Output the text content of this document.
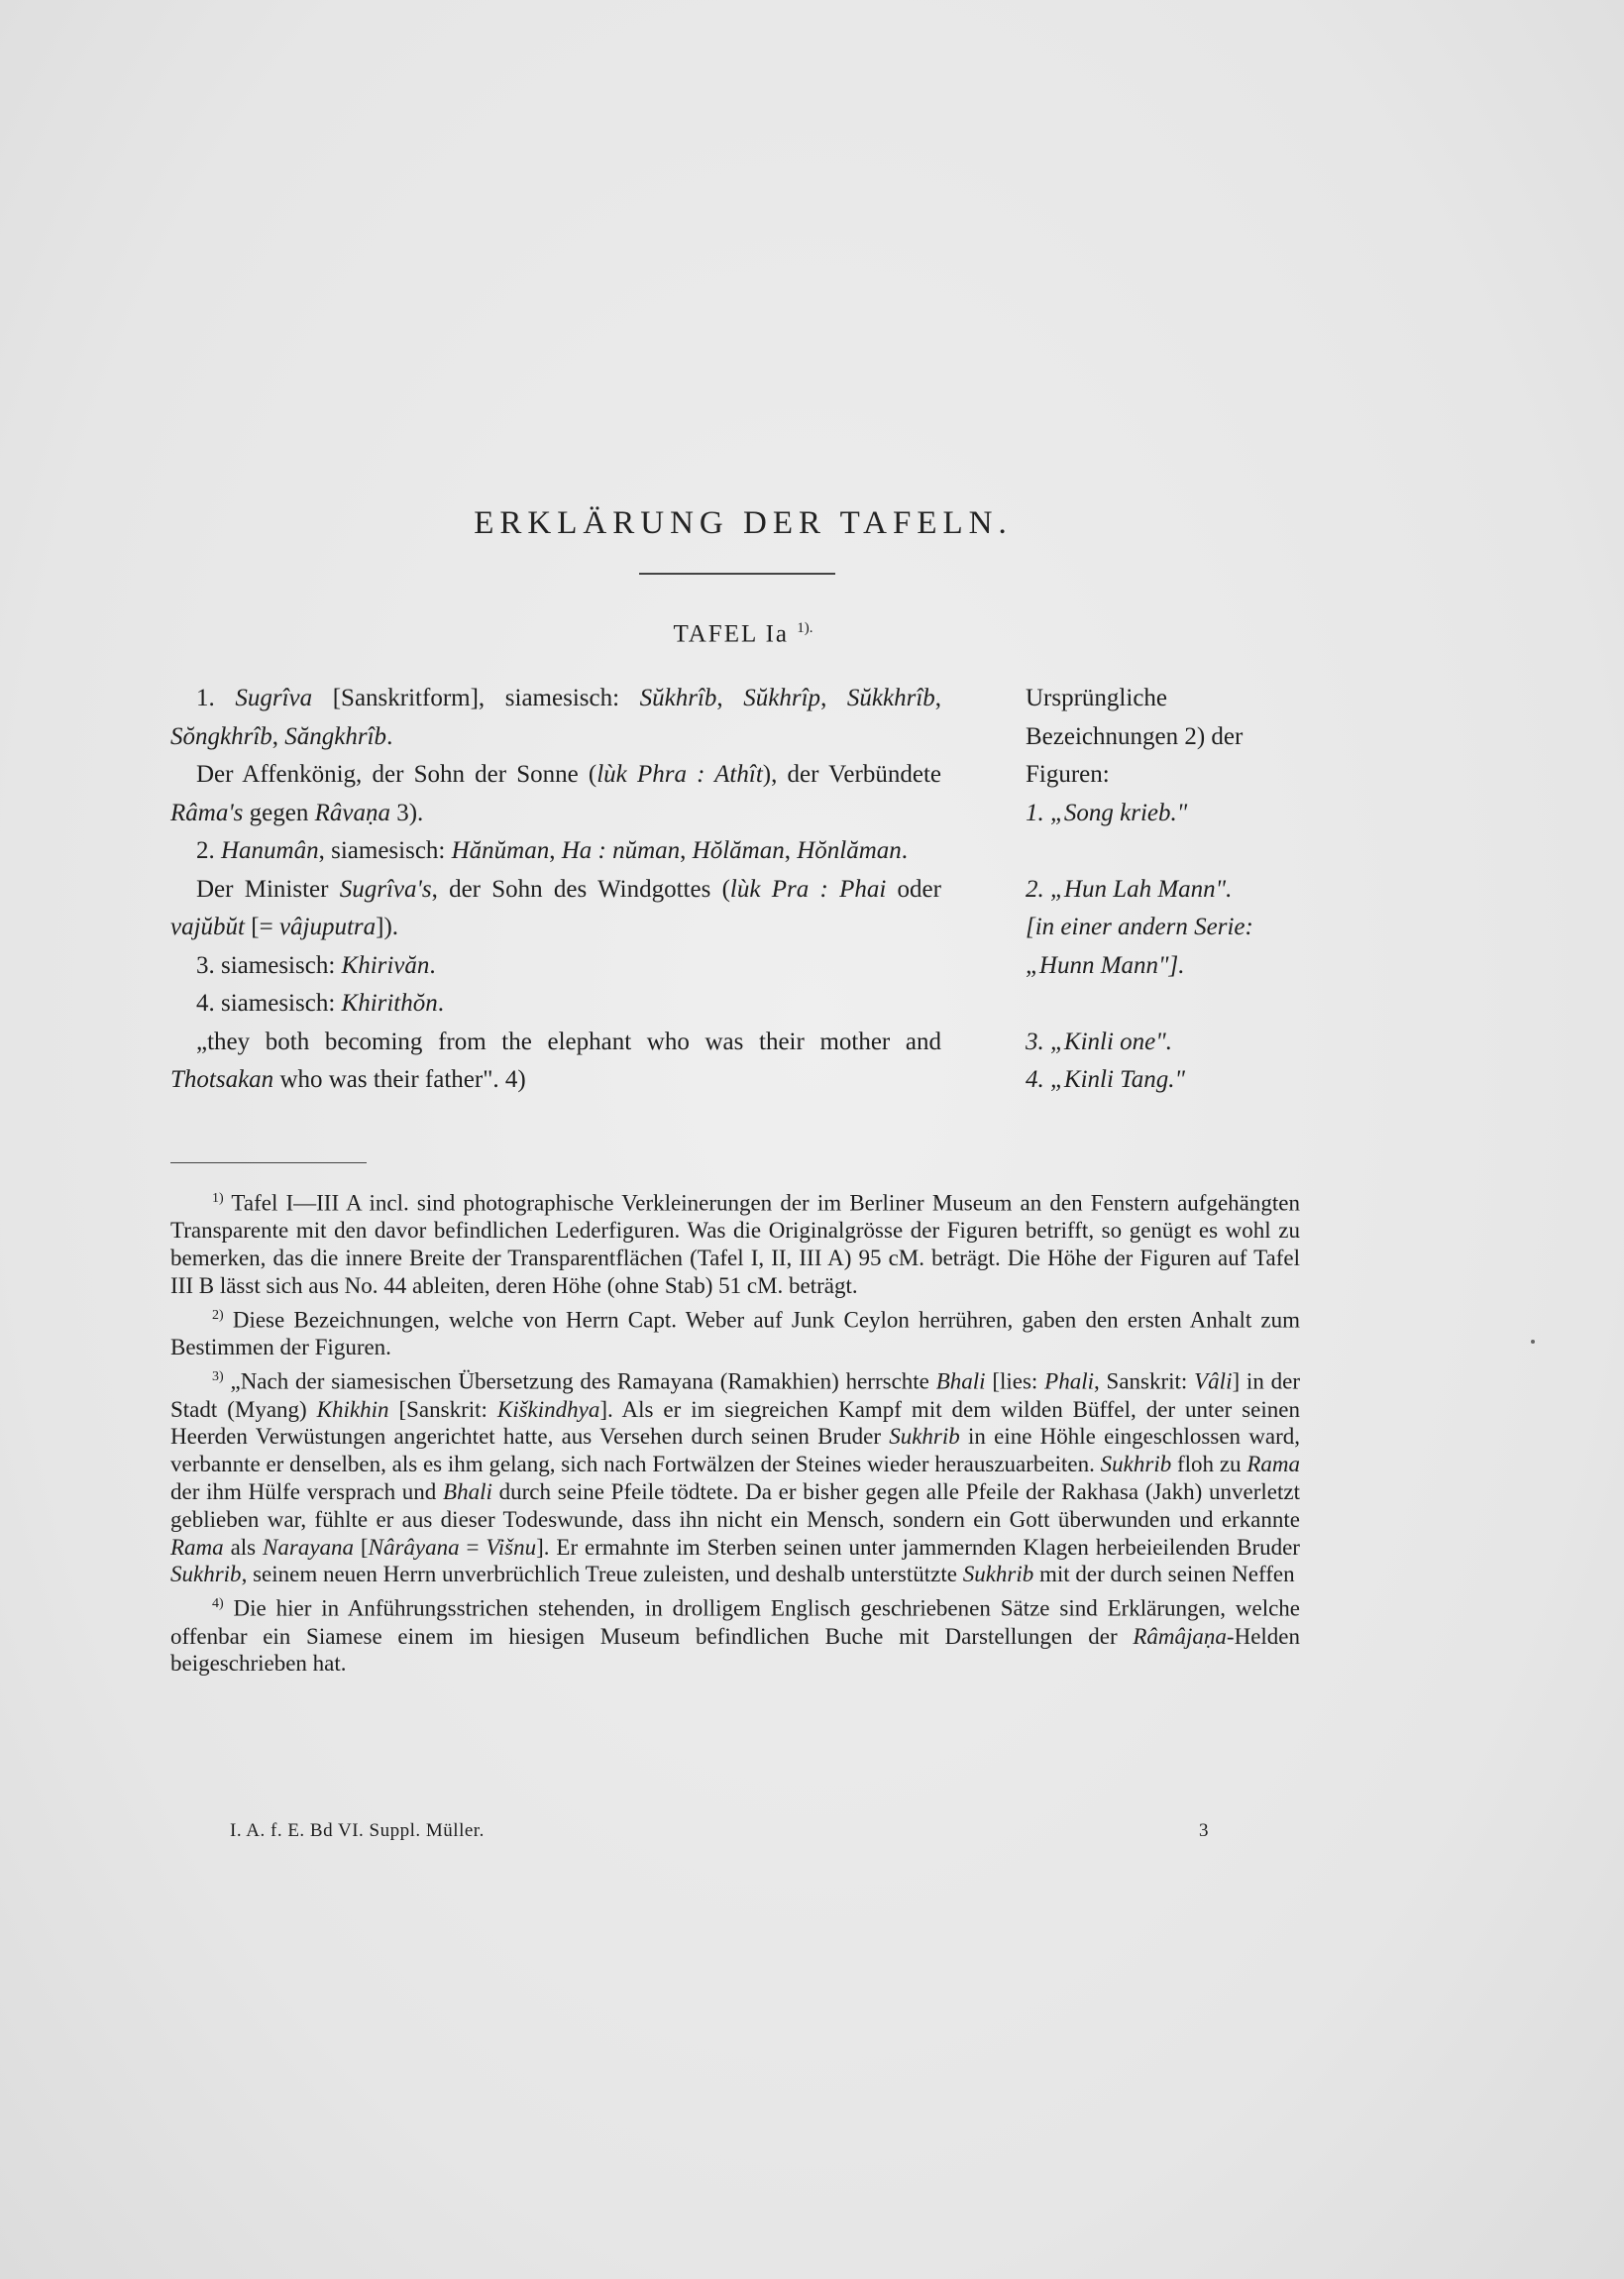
ERKLÄRUNG DER TAFELN.
TAFEL Ia $^{1).}$

1. Sugrîva [Sanskritform], siamesisch: Sŭkhrîb, Sŭkhrîp, Sŭkkhrîb, Sŏngkhrîb, Săngkhrîb.

Der Affenkönig, der Sohn der Sonne (lùk Phra : Athît), der Verbündete Râma's gegen Râvaṇa 3).

2. Hanumân, siamesisch: Hănŭman, Ha : nŭman, Hŏlăman, Hŏnlăman.

Der Minister Sugrîva's, der Sohn des Windgottes (lùk Pra : Phai oder vajŭbŭt [= vâjuputra]).

3. siamesisch: Khirivăn.

4. siamesisch: Khirithŏn.

„they both becoming from the elephant who was their mother and Thotsakan who was their father". 4)

Ursprüngliche Bezeichnungen 2) der Figuren:

1. „Song krieb."

2. „Hun Lah Mann".

[in einer andern Serie: „Hunn Mann"].

3. „Kinli one".

4. „Kinli Tang."

$^{1)}$ Tafel I—III A incl. sind photographische Verkleinerungen der im Berliner Museum an den Fenstern aufgehängten Transparente mit den davor befindlichen Lederfiguren. Was die Originalgrösse der Figuren betrifft, so genügt es wohl zu bemerken, das die innere Breite der Transparentflächen (Tafel I, II, III A) 95 cM. beträgt. Die Höhe der Figuren auf Tafel III B lässt sich aus No. 44 ableiten, deren Höhe (ohne Stab) 51 cM. beträgt.

$^{2)}$ Diese Bezeichnungen, welche von Herrn Capt. Weber auf Junk Ceylon herrühren, gaben den ersten Anhalt zum Bestimmen der Figuren.

$^{3)}$ „Nach der siamesischen Übersetzung des Ramayana (Ramakhien) herrschte Bhali [lies: Phali, Sanskrit: Vâli] in der Stadt (Myang) Khikhin [Sanskrit: Kiškindhya]. Als er im siegreichen Kampf mit dem wilden Büffel, der unter seinen Heerden Verwüstungen angerichtet hatte, aus Versehen durch seinen Bruder Sukhrib in eine Höhle eingeschlossen ward, verbannte er denselben, als es ihm gelang, sich nach Fortwälzen der Steines wieder herauszuarbeiten. Sukhrib floh zu Rama der ihm Hülfe versprach und Bhali durch seine Pfeile tödtete. Da er bisher gegen alle Pfeile der Rakhasa (Jakh) unverletzt geblieben war, fühlte er aus dieser Todeswunde, dass ihn nicht ein Mensch, sondern ein Gott überwunden und erkannte Rama als Narayana [Nârâyana = Višnu]. Er ermahnte im Sterben seinen unter jammernden Klagen herbeieilenden Bruder Sukhrib, seinem neuen Herrn unverbrüchlich Treue zuleisten, und deshalb unterstützte Sukhrib mit der durch seinen Neffen

$^{4)}$ Die hier in Anführungsstrichen stehenden, in drolligem Englisch geschriebenen Sätze sind Erklärungen, welche offenbar ein Siamese einem im hiesigen Museum befindlichen Buche mit Darstellungen der Râmâjaṇa-Helden beigeschrieben hat.

I. A. f. E. Bd VI. Suppl. Müller.	3
